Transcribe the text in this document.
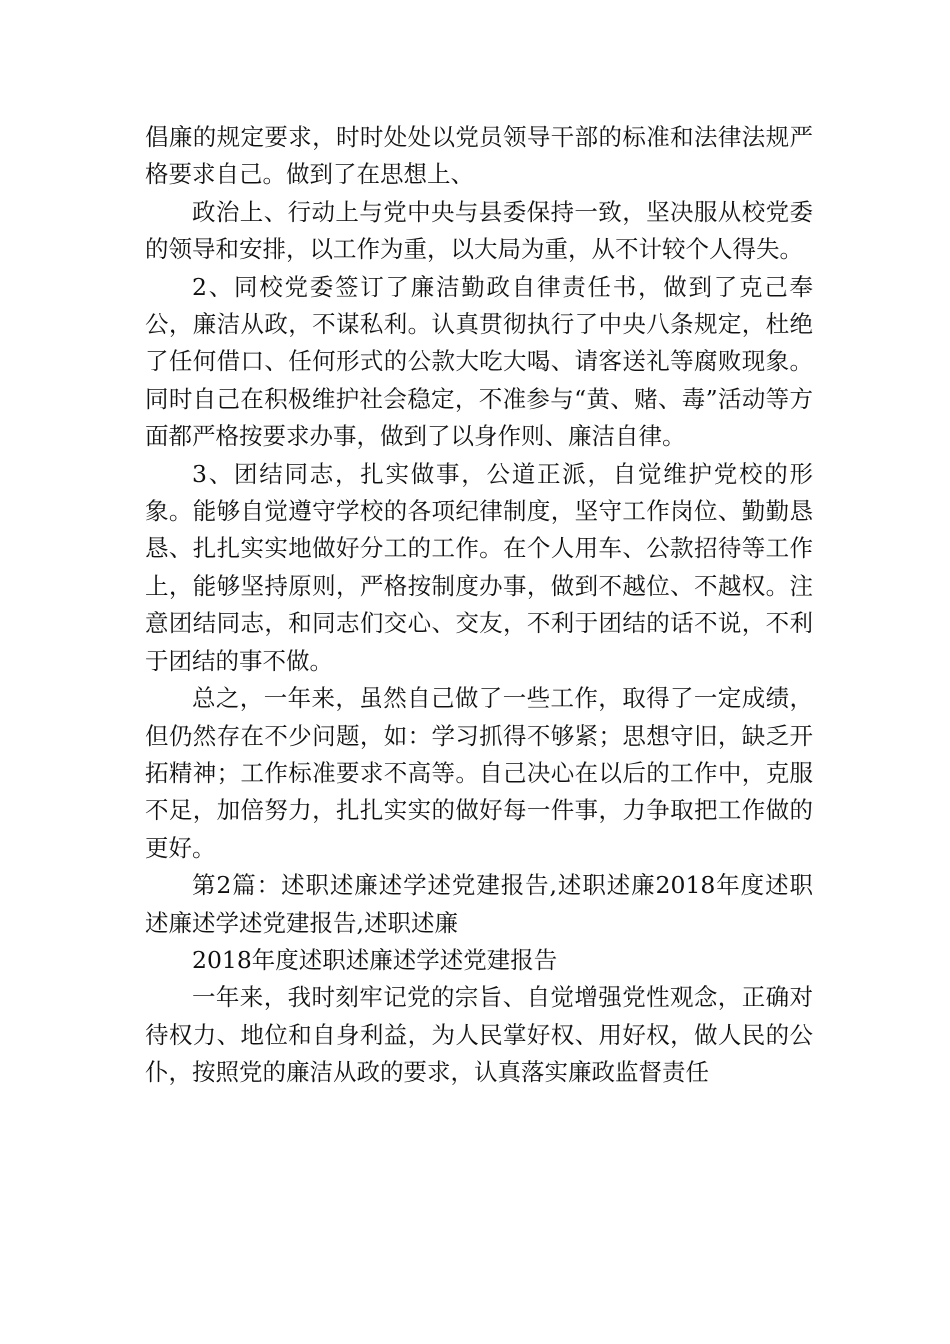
倡廉的规定要求，时时处处以党员领导干部的标准和法律法规严格要求自己。做到了在思想上、

政治上、行动上与党中央与县委保持一致，坚决服从校党委的领导和安排，以工作为重，以大局为重，从不计较个人得失。

2、同校党委签订了廉洁勤政自律责任书，做到了克己奉公，廉洁从政，不谋私利。认真贯彻执行了中央八条规定，杜绝了任何借口、任何形式的公款大吃大喝、请客送礼等腐败现象。同时自己在积极维护社会稳定，不准参与“黄、赌、毒”活动等方面都严格按要求办事，做到了以身作则、廉洁自律。

3、团结同志，扎实做事，公道正派，自觉维护党校的形象。能够自觉遵守学校的各项纪律制度，坚守工作岗位、勤勤恳恳、扎扎实实地做好分工的工作。在个人用车、公款招待等工作上，能够坚持原则，严格按制度办事，做到不越位、不越权。注意团结同志，和同志们交心、交友，不利于团结的话不说，不利于团结的事不做。

总之，一年来，虽然自己做了一些工作，取得了一定成绩，但仍然存在不少问题，如：学习抓得不够紧；思想守旧，缺乏开拓精神；工作标准要求不高等。自己决心在以后的工作中，克服不足，加倍努力，扎扎实实的做好每一件事，力争取把工作做的更好。

第2篇：述职述廉述学述党建报告,述职述廉2018年度述职述廉述学述党建报告,述职述廉

2018年度述职述廉述学述党建报告

一年来，我时刻牢记党的宗旨、自觉增强党性观念，正确对待权力、地位和自身利益，为人民掌好权、用好权，做人民的公仆，按照党的廉洁从政的要求，认真落实廉政监督责任
